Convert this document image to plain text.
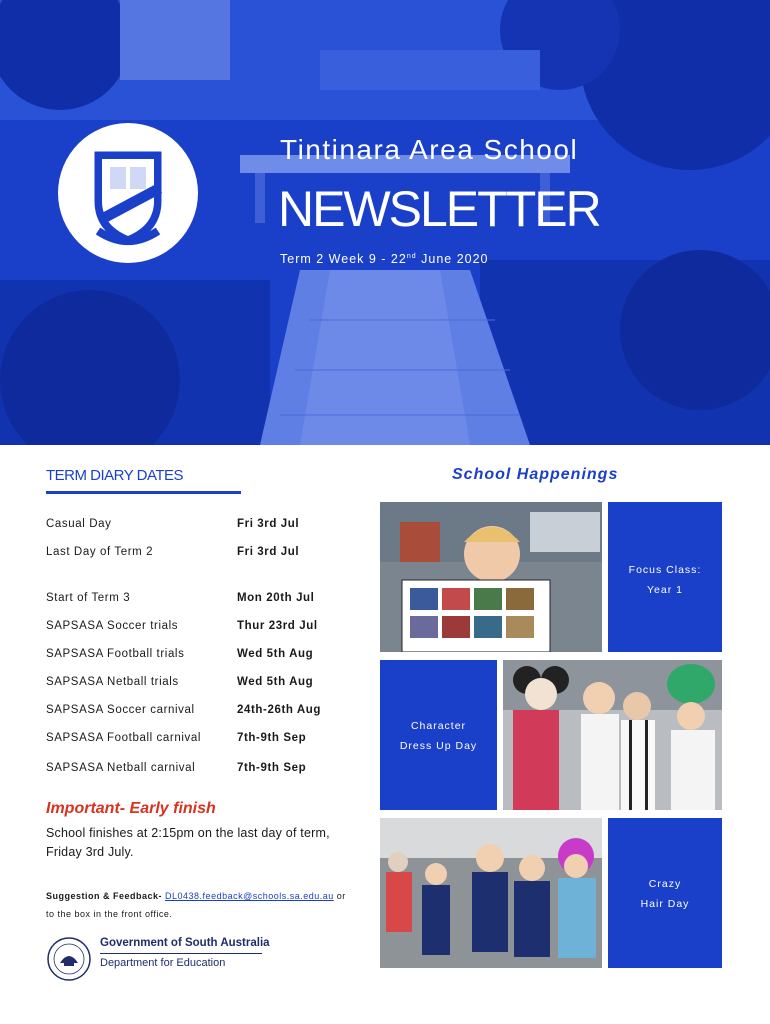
Tintinara Area School
NEWSLETTER
Term 2 Week 9 - 22nd June 2020
TERM DIARY DATES
Casual Day	Fri 3rd Jul
Last Day of Term 2	Fri 3rd Jul
Start of Term 3	Mon 20th Jul
SAPSASA Soccer trials	Thur 23rd Jul
SAPSASA Football trials	Wed 5th Aug
SAPSASA Netball trials	Wed 5th Aug
SAPSASA Soccer carnival	24th-26th Aug
SAPSASA Football carnival	7th-9th Sep
SAPSASA Netball carnival	7th-9th Sep
Important- Early finish
School finishes at 2:15pm on the last day of term, Friday 3rd July.
Suggestion & Feedback- DL0438.feedback@schools.sa.edu.au or to the box in the front office.
Government of South Australia
Department for Education
School Happenings
Focus Class:
Year 1
Character
Dress Up Day
Crazy
Hair Day
